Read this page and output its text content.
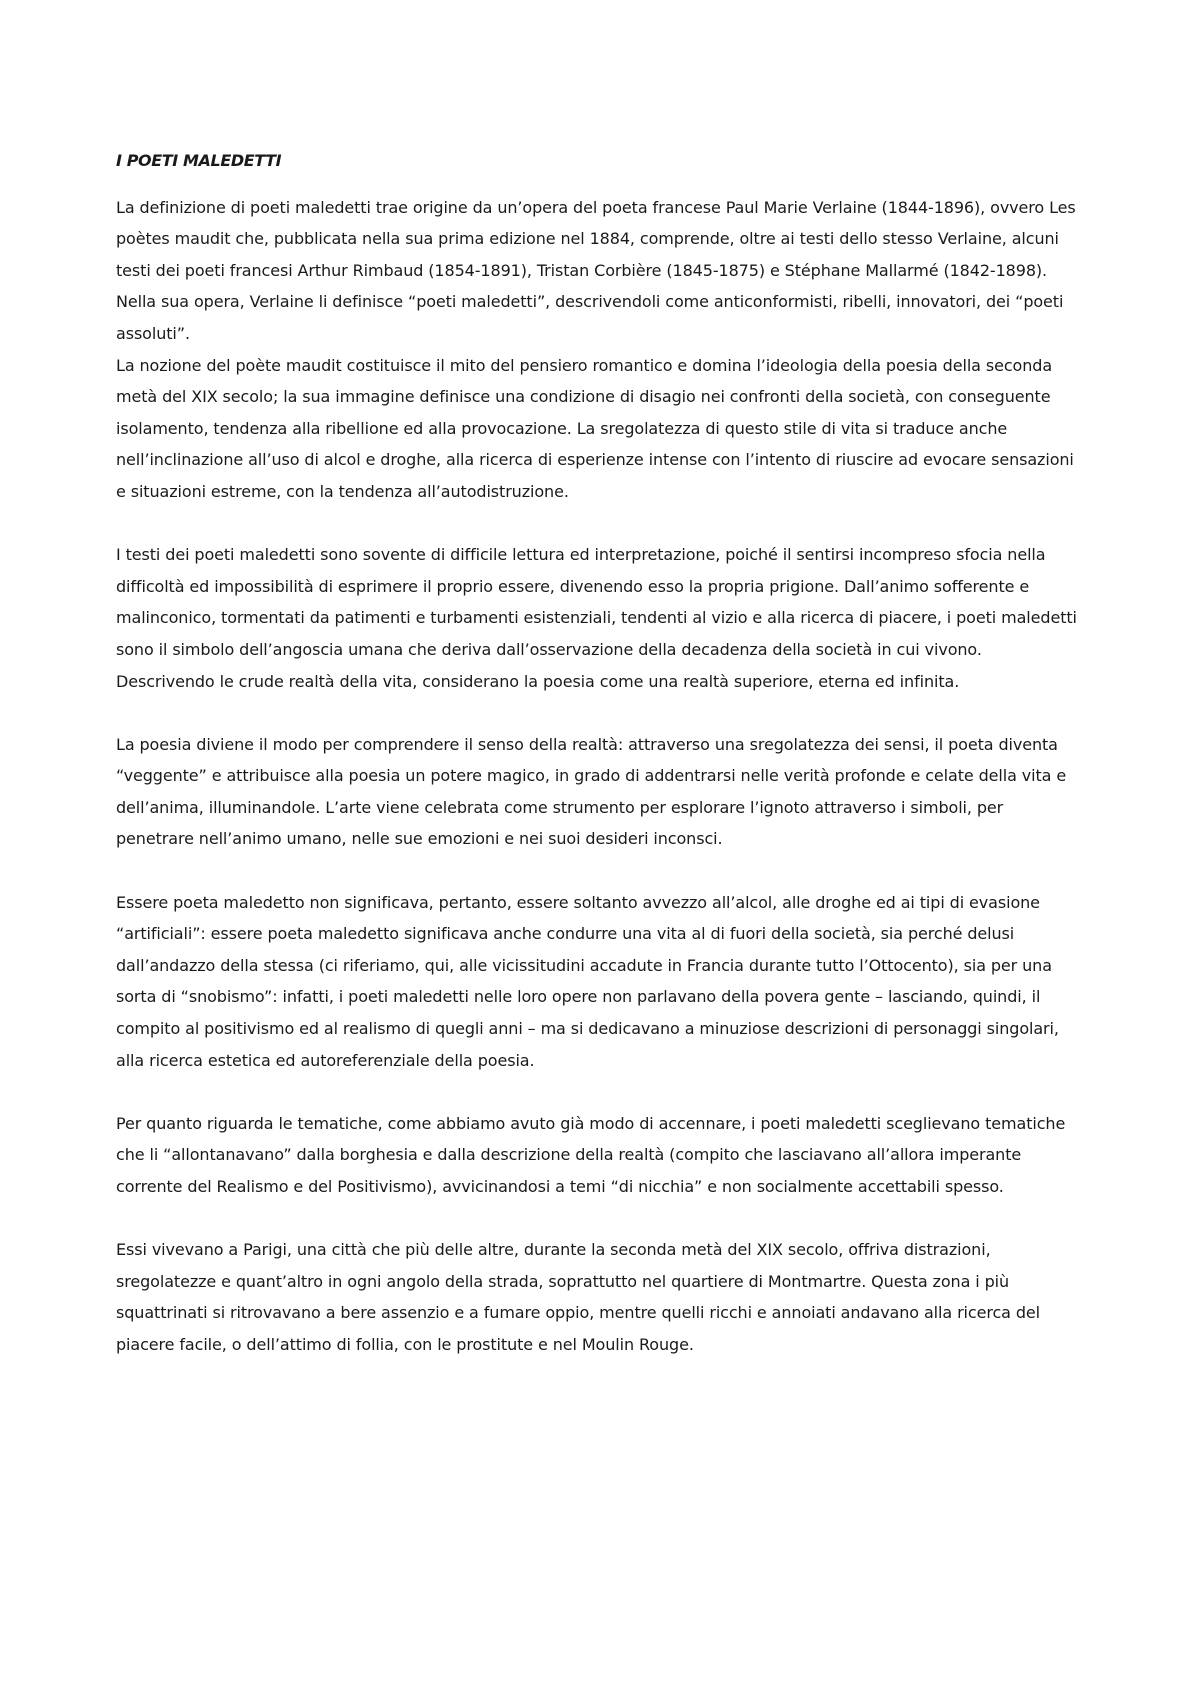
I POETI MALEDETTI

La definizione di poeti maledetti trae origine da un’opera del poeta francese Paul Marie Verlaine (1844-1896), ovvero Les poètes maudit che, pubblicata nella sua prima edizione nel 1884, comprende, oltre ai testi dello stesso Verlaine, alcuni testi dei poeti francesi Arthur Rimbaud (1854-1891), Tristan Corbière (1845-1875) e Stéphane Mallarmé (1842-1898).

Nella sua opera, Verlaine li definisce “poeti maledetti”, descrivendoli come anticonformisti, ribelli, innovatori, dei “poeti assoluti”.

La nozione del poète maudit costituisce il mito del pensiero romantico e domina l’ideologia della poesia della seconda metà del XIX secolo; la sua immagine definisce una condizione di disagio nei confronti della società, con conseguente isolamento, tendenza alla ribellione ed alla provocazione. La sregolatezza di questo stile di vita si traduce anche nell’inclinazione all’uso di alcol e droghe, alla ricerca di esperienze intense con l’intento di riuscire ad evocare sensazioni e situazioni estreme, con la tendenza all’autodistruzione.

I testi dei poeti maledetti sono sovente di difficile lettura ed interpretazione, poiché il sentirsi incompreso sfocia nella difficoltà ed impossibilità di esprimere il proprio essere, divenendo esso la propria prigione. Dall’animo sofferente e malinconico, tormentati da patimenti e turbamenti esistenziali, tendenti al vizio e alla ricerca di piacere, i poeti maledetti sono il simbolo dell’angoscia umana che deriva dall’osservazione della decadenza della società in cui vivono. Descrivendo le crude realtà della vita, considerano la poesia come una realtà superiore, eterna ed infinita.

La poesia diviene il modo per comprendere il senso della realtà: attraverso una sregolatezza dei sensi, il poeta diventa “veggente” e attribuisce alla poesia un potere magico, in grado di addentrarsi nelle verità profonde e celate della vita e dell’anima, illuminandole. L’arte viene celebrata come strumento per esplorare l’ignoto attraverso i simboli, per penetrare nell’animo umano, nelle sue emozioni e nei suoi desideri inconsci.

Essere poeta maledetto non significava, pertanto, essere soltanto avvezzo all’alcol, alle droghe ed ai tipi di evasione “artificiali”: essere poeta maledetto significava anche condurre una vita al di fuori della società, sia perché delusi dall’andazzo della stessa (ci riferiamo, qui, alle vicissitudini accadute in Francia durante tutto l’Ottocento), sia per una sorta di “snobismo”: infatti, i poeti maledetti nelle loro opere non parlavano della povera gente – lasciando, quindi, il compito al positivismo ed al realismo di quegli anni – ma si dedicavano a minuziose descrizioni di personaggi singolari, alla ricerca estetica ed autoreferenziale della poesia.

Per quanto riguarda le tematiche, come abbiamo avuto già modo di accennare, i poeti maledetti sceglievano tematiche che li “allontanavano” dalla borghesia e dalla descrizione della realtà (compito che lasciavano all’allora imperante corrente del Realismo e del Positivismo), avvicinandosi a temi “di nicchia” e non socialmente accettabili spesso.

Essi vivevano a Parigi, una città che più delle altre, durante la seconda metà del XIX secolo, offriva distrazioni, sregolatezze e quant’altro in ogni angolo della strada, soprattutto nel quartiere di Montmartre. Questa zona i più squattrinati si ritrovavano a bere assenzio e a fumare oppio, mentre quelli ricchi e annoiati andavano alla ricerca del piacere facile, o dell’attimo di follia, con le prostitute e nel Moulin Rouge.
